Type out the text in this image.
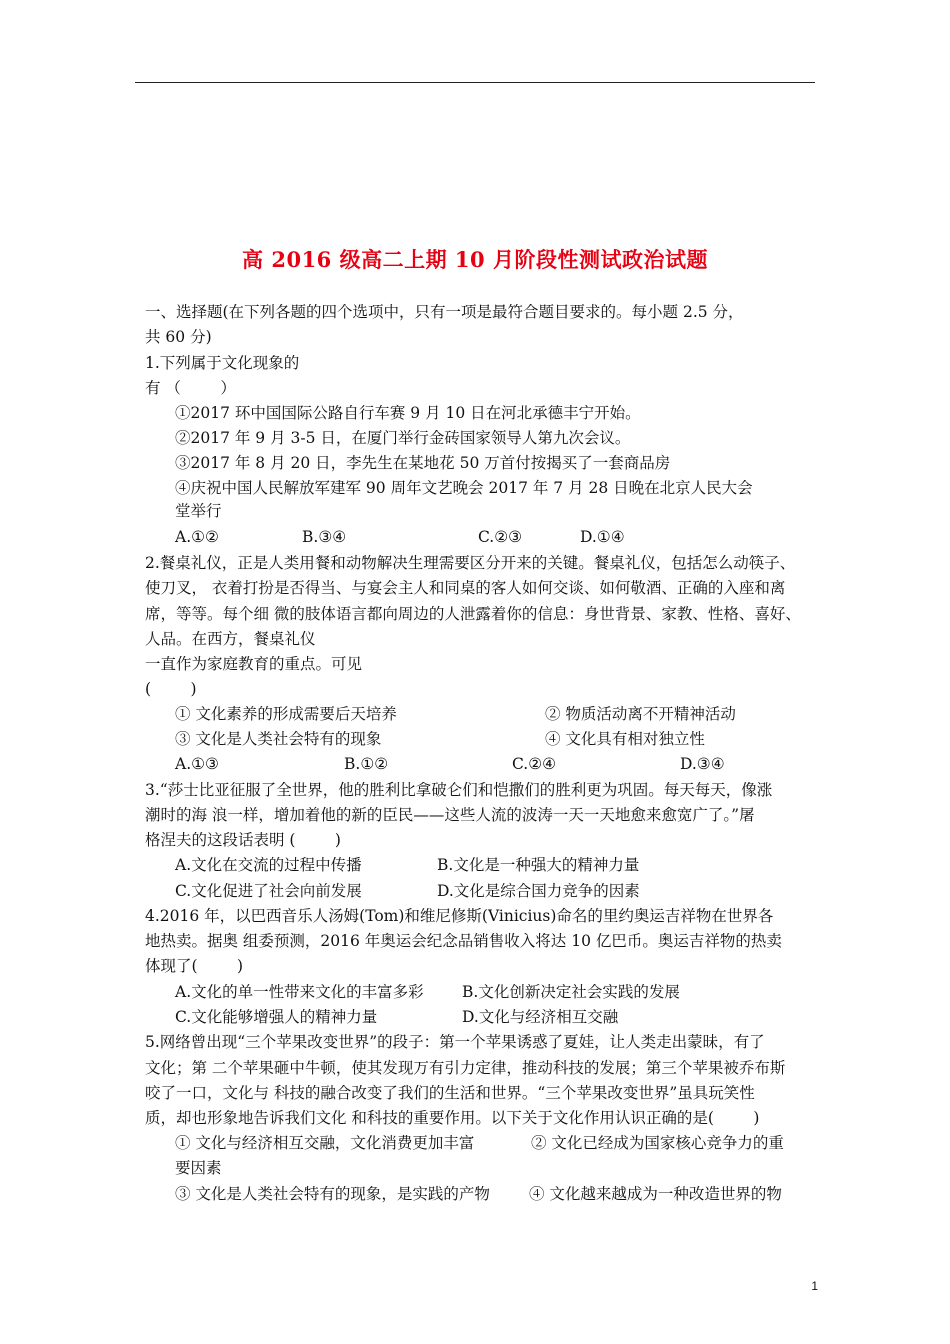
高 2016 级高二上期 10 月阶段性测试政治试题
一、选择题(在下列各题的四个选项中，只有一项是最符合题目要求的。每小题 2.5 分，
共 60 分)
1.下列属于文化现象的
有 （        ）
①2017 环中国国际公路自行车赛 9 月 10 日在河北承德丰宁开始。
②2017 年 9 月 3-5 日，在厦门举行金砖国家领导人第九次会议。
③2017 年 8 月 20 日，李先生在某地花 50 万首付按揭买了一套商品房
④庆祝中国人民解放军建军 90 周年文艺晚会 2017 年 7 月 28 日晚在北京人民大会
堂举行
A.①②	B.③④	C.②③	D.①④
2.餐桌礼仪，正是人类用餐和动物解决生理需要区分开来的关键。餐桌礼仪，包括怎么动筷子、
使刀叉， 衣着打扮是否得当、与宴会主人和同桌的客人如何交谈、如何敬酒、正确的入座和离
席，等等。每个细 微的肢体语言都向周边的人泄露着你的信息：身世背景、家教、性格、喜好、
人品。在西方，餐桌礼仪
一直作为家庭教育的重点。可见
(        )
① 文化素养的形成需要后天培养	② 物质活动离不开精神活动
③ 文化是人类社会特有的现象	④ 文化具有相对独立性
A.①③	B.①②	C.②④	D.③④
3.“莎士比亚征服了全世界，他的胜利比拿破仑们和恺撒们的胜利更为巩固。每天每天，像涨
潮时的海 浪一样，增加着他的新的臣民——这些人流的波涛一天一天地愈来愈宽广了。”屠
格涅夫的这段话表明 (        )
A.文化在交流的过程中传播	B.文化是一种强大的精神力量
C.文化促进了社会向前发展	D.文化是综合国力竞争的因素
4.2016 年，以巴西音乐人汤姆(Tom)和维尼修斯(Vinicius)命名的里约奥运吉祥物在世界各
地热卖。据奥 组委预测，2016 年奥运会纪念品销售收入将达 10 亿巴币。奥运吉祥物的热卖
体现了(        )
A.文化的单一性带来文化的丰富多彩 B.文化创新决定社会实践的发展
C.文化能够增强人的精神力量	D.文化与经济相互交融
5.网络曾出现“三个苹果改变世界”的段子：第一个苹果诱惑了夏娃，让人类走出蒙昧，有了
文化；第 二个苹果砸中牛顿，使其发现万有引力定律，推动科技的发展；第三个苹果被乔布斯
咬了一口，文化与 科技的融合改变了我们的生活和世界。“三个苹果改变世界”虽具玩笑性
质，却也形象地告诉我们文化 和科技的重要作用。以下关于文化作用认识正确的是(        )
① 文化与经济相互交融，文化消费更加丰富	② 文化已经成为国家核心竞争力的重
要因素
③ 文化是人类社会特有的现象，是实践的产物	④ 文化越来越成为一种改造世界的物
1
